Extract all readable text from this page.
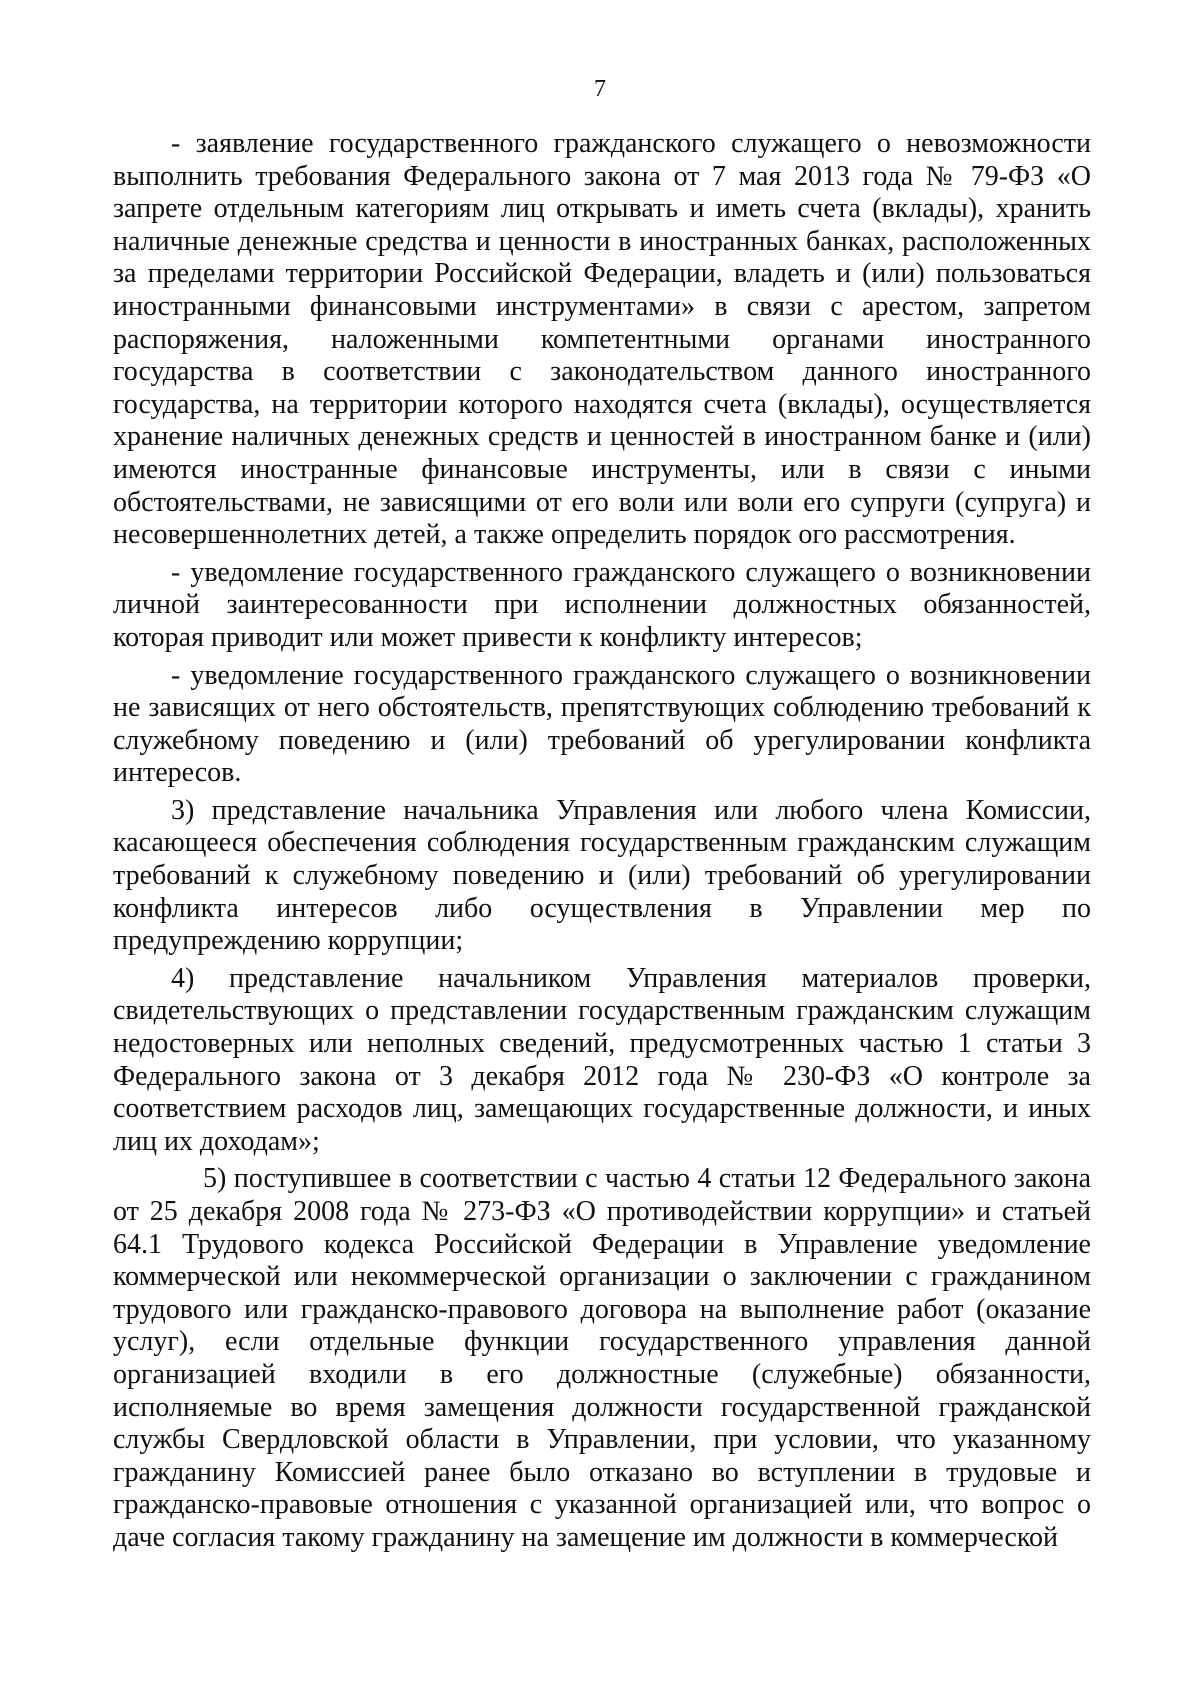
7

- заявление государственного гражданского служащего о невозможности выполнить требования Федерального закона от 7 мая 2013 года № 79-ФЗ «О запрете отдельным категориям лиц открывать и иметь счета (вклады), хранить наличные денежные средства и ценности в иностранных банках, расположенных за пределами территории Российской Федерации, владеть и (или) пользоваться иностранными финансовыми инструментами» в связи с арестом, запретом распоряжения, наложенными компетентными органами иностранного государства в соответствии с законодательством данного иностранного государства, на территории которого находятся счета (вклады), осуществляется хранение наличных денежных средств и ценностей в иностранном банке и (или) имеются иностранные финансовые инструменты, или в связи с иными обстоятельствами, не зависящими от его воли или воли его супруги (супруга) и несовершеннолетних детей, а также определить порядок ого рассмотрения.

- уведомление государственного гражданского служащего о возникновении личной заинтересованности при исполнении должностных обязанностей, которая приводит или может привести к конфликту интересов;

- уведомление государственного гражданского служащего о возникновении не зависящих от него обстоятельств, препятствующих соблюдению требований к служебному поведению и (или) требований об урегулировании конфликта интересов.

3) представление начальника Управления или любого члена Комиссии, касающееся обеспечения соблюдения государственным гражданским служащим требований к служебному поведению и (или) требований об урегулировании конфликта интересов либо осуществления в Управлении мер по предупреждению коррупции;

4) представление начальником Управления материалов проверки, свидетельствующих о представлении государственным гражданским служащим недостоверных или неполных сведений, предусмотренных частью 1 статьи 3 Федерального закона от 3 декабря 2012 года № 230-ФЗ «О контроле за соответствием расходов лиц, замещающих государственные должности, и иных лиц их доходам»;

5) поступившее в соответствии с частью 4 статьи 12 Федерального закона от 25 декабря 2008 года № 273-ФЗ «О противодействии коррупции» и статьей 64.1 Трудового кодекса Российской Федерации в Управление уведомление коммерческой или некоммерческой организации о заключении с гражданином трудового или гражданско-правового договора на выполнение работ (оказание услуг), если отдельные функции государственного управления данной организацией входили в его должностные (служебные) обязанности, исполняемые во время замещения должности государственной гражданской службы Свердловской области в Управлении, при условии, что указанному гражданину Комиссией ранее было отказано во вступлении в трудовые и гражданско-правовые отношения с указанной организацией или, что вопрос о даче согласия такому гражданину на замещение им должности в коммерческой
